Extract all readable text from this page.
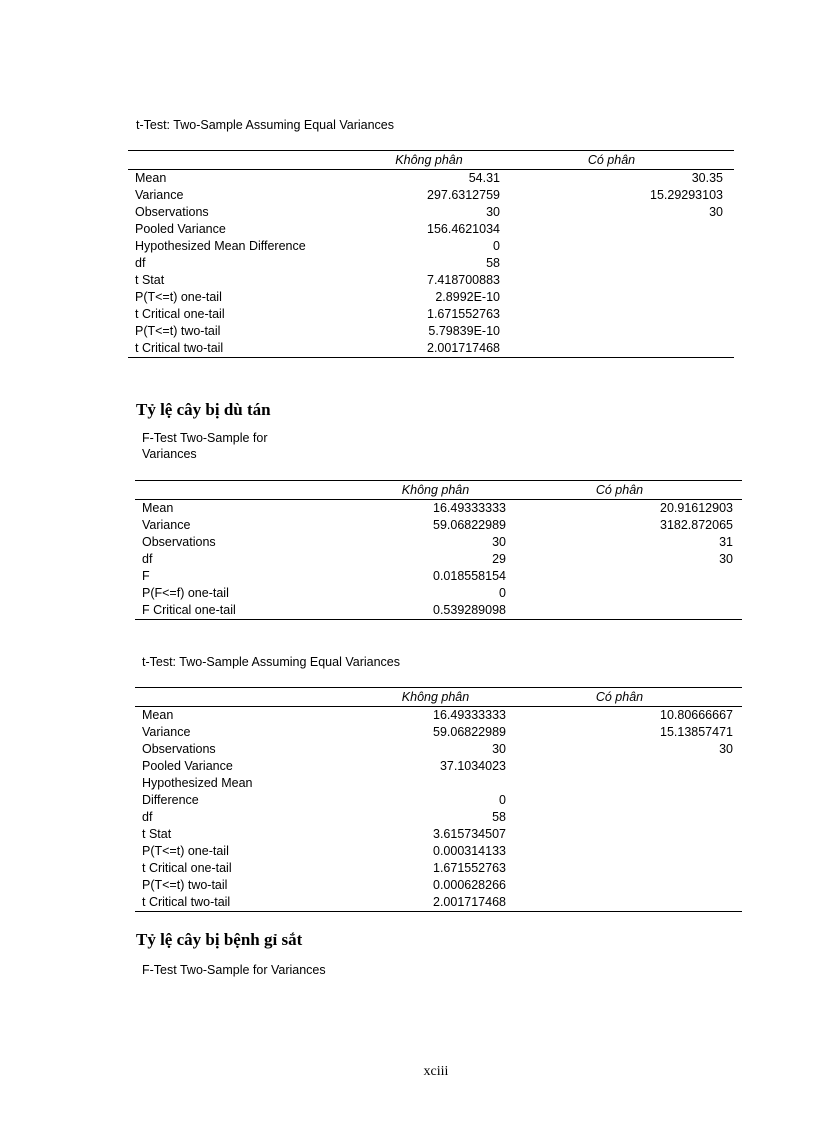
t-Test: Two-Sample Assuming Equal Variances
	Không phân	Có phân	
Mean	54.31	30.35	
Variance	297.6312759	15.29293103	
Observations	30	30	
Pooled Variance	156.4621034		
Hypothesized Mean Difference	0		
df	58		
t Stat	7.418700883		
P(T<=t) one-tail	2.8992E-10		
t Critical one-tail	1.671552763		
P(T<=t) two-tail	5.79839E-10		
t Critical two-tail	2.001717468		
Tỷ lệ cây bị dù tán
F-Test Two-Sample for
Variances
	Không phân	Có phân	
Mean	16.49333333	20.91612903	
Variance	59.06822989	3182.872065	
Observations	30	31	
df	29	30	
F	0.018558154		
P(F<=f) one-tail	0		
F Critical one-tail	0.539289098		
t-Test: Two-Sample Assuming Equal Variances
	Không phân	Có phân	
Mean	16.49333333	10.80666667	
Variance	59.06822989	15.13857471	
Observations	30	30	
Pooled Variance	37.1034023		
Hypothesized Mean			
Difference	0		
df	58		
t Stat	3.615734507		
P(T<=t) one-tail	0.000314133		
t Critical one-tail	1.671552763		
P(T<=t) two-tail	0.000628266		
t Critical two-tail	2.001717468		
Tỷ lệ cây bị bệnh gỉ sắt
F-Test Two-Sample for Variances
xciii
